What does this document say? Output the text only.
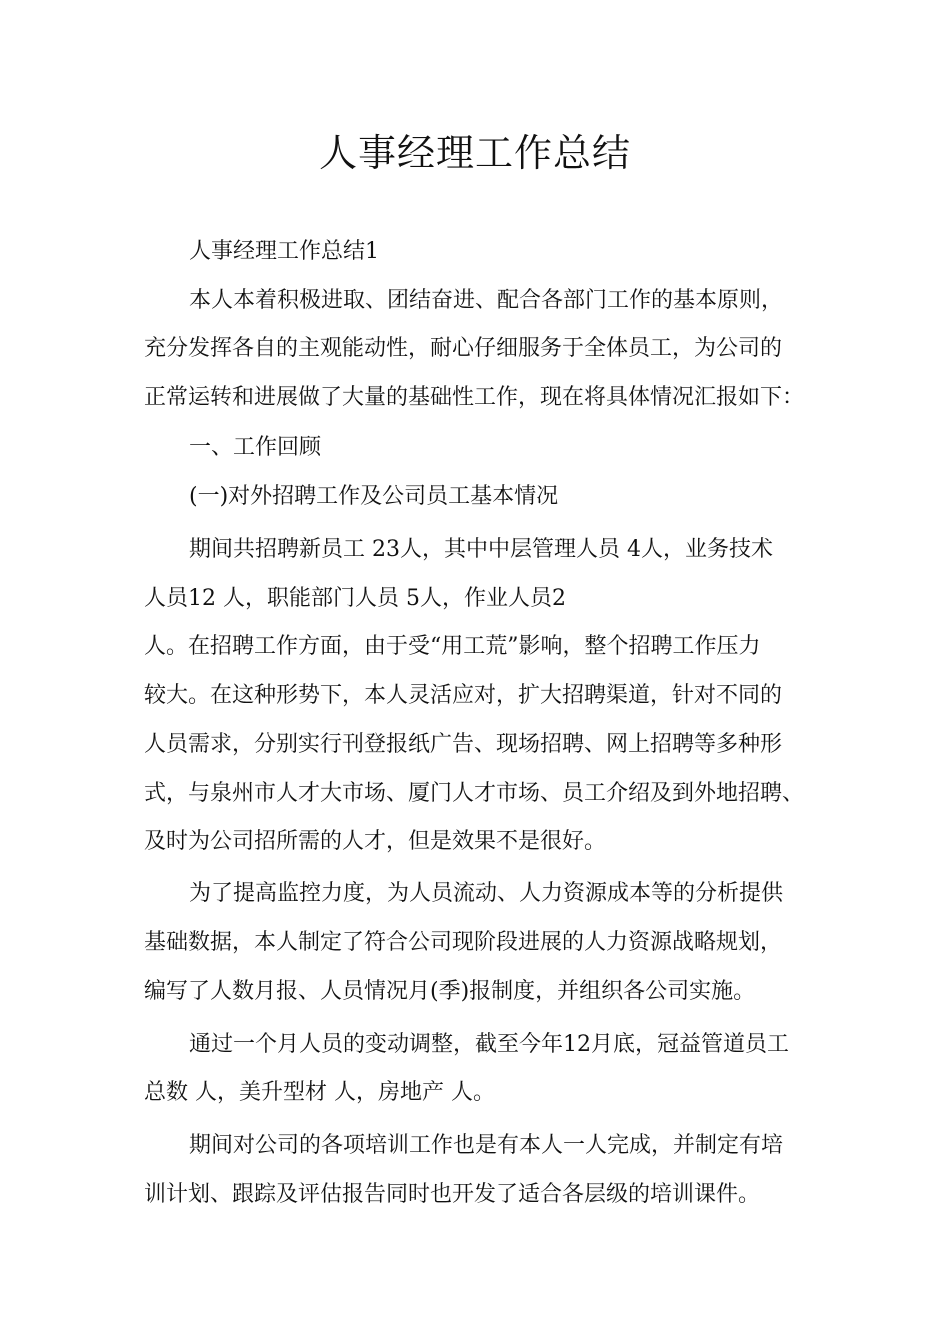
人事经理工作总结
人事经理工作总结1
本人本着积极进取、团结奋进、配合各部门工作的基本原则，
充分发挥各自的主观能动性，耐心仔细服务于全体员工，为公司的
正常运转和进展做了大量的基础性工作，现在将具体情况汇报如下：
一、工作回顾
(一)对外招聘工作及公司员工基本情况
期间共招聘新员工 23人，其中中层管理人员 4人，业务技术
人员12 人，职能部门人员 5人，作业人员2
人。在招聘工作方面，由于受“用工荒”影响，整个招聘工作压力
较大。在这种形势下，本人灵活应对，扩大招聘渠道，针对不同的
人员需求，分别实行刊登报纸广告、现场招聘、网上招聘等多种形
式，与泉州市人才大市场、厦门人才市场、员工介绍及到外地招聘、
及时为公司招所需的人才，但是效果不是很好。
为了提高监控力度，为人员流动、人力资源成本等的分析提供
基础数据，本人制定了符合公司现阶段进展的人力资源战略规划，
编写了人数月报、人员情况月(季)报制度，并组织各公司实施。
通过一个月人员的变动调整，截至今年12月底，冠益管道员工
总数 人，美升型材 人，房地产 人。
期间对公司的各项培训工作也是有本人一人完成，并制定有培
训计划、跟踪及评估报告同时也开发了适合各层级的培训课件。
